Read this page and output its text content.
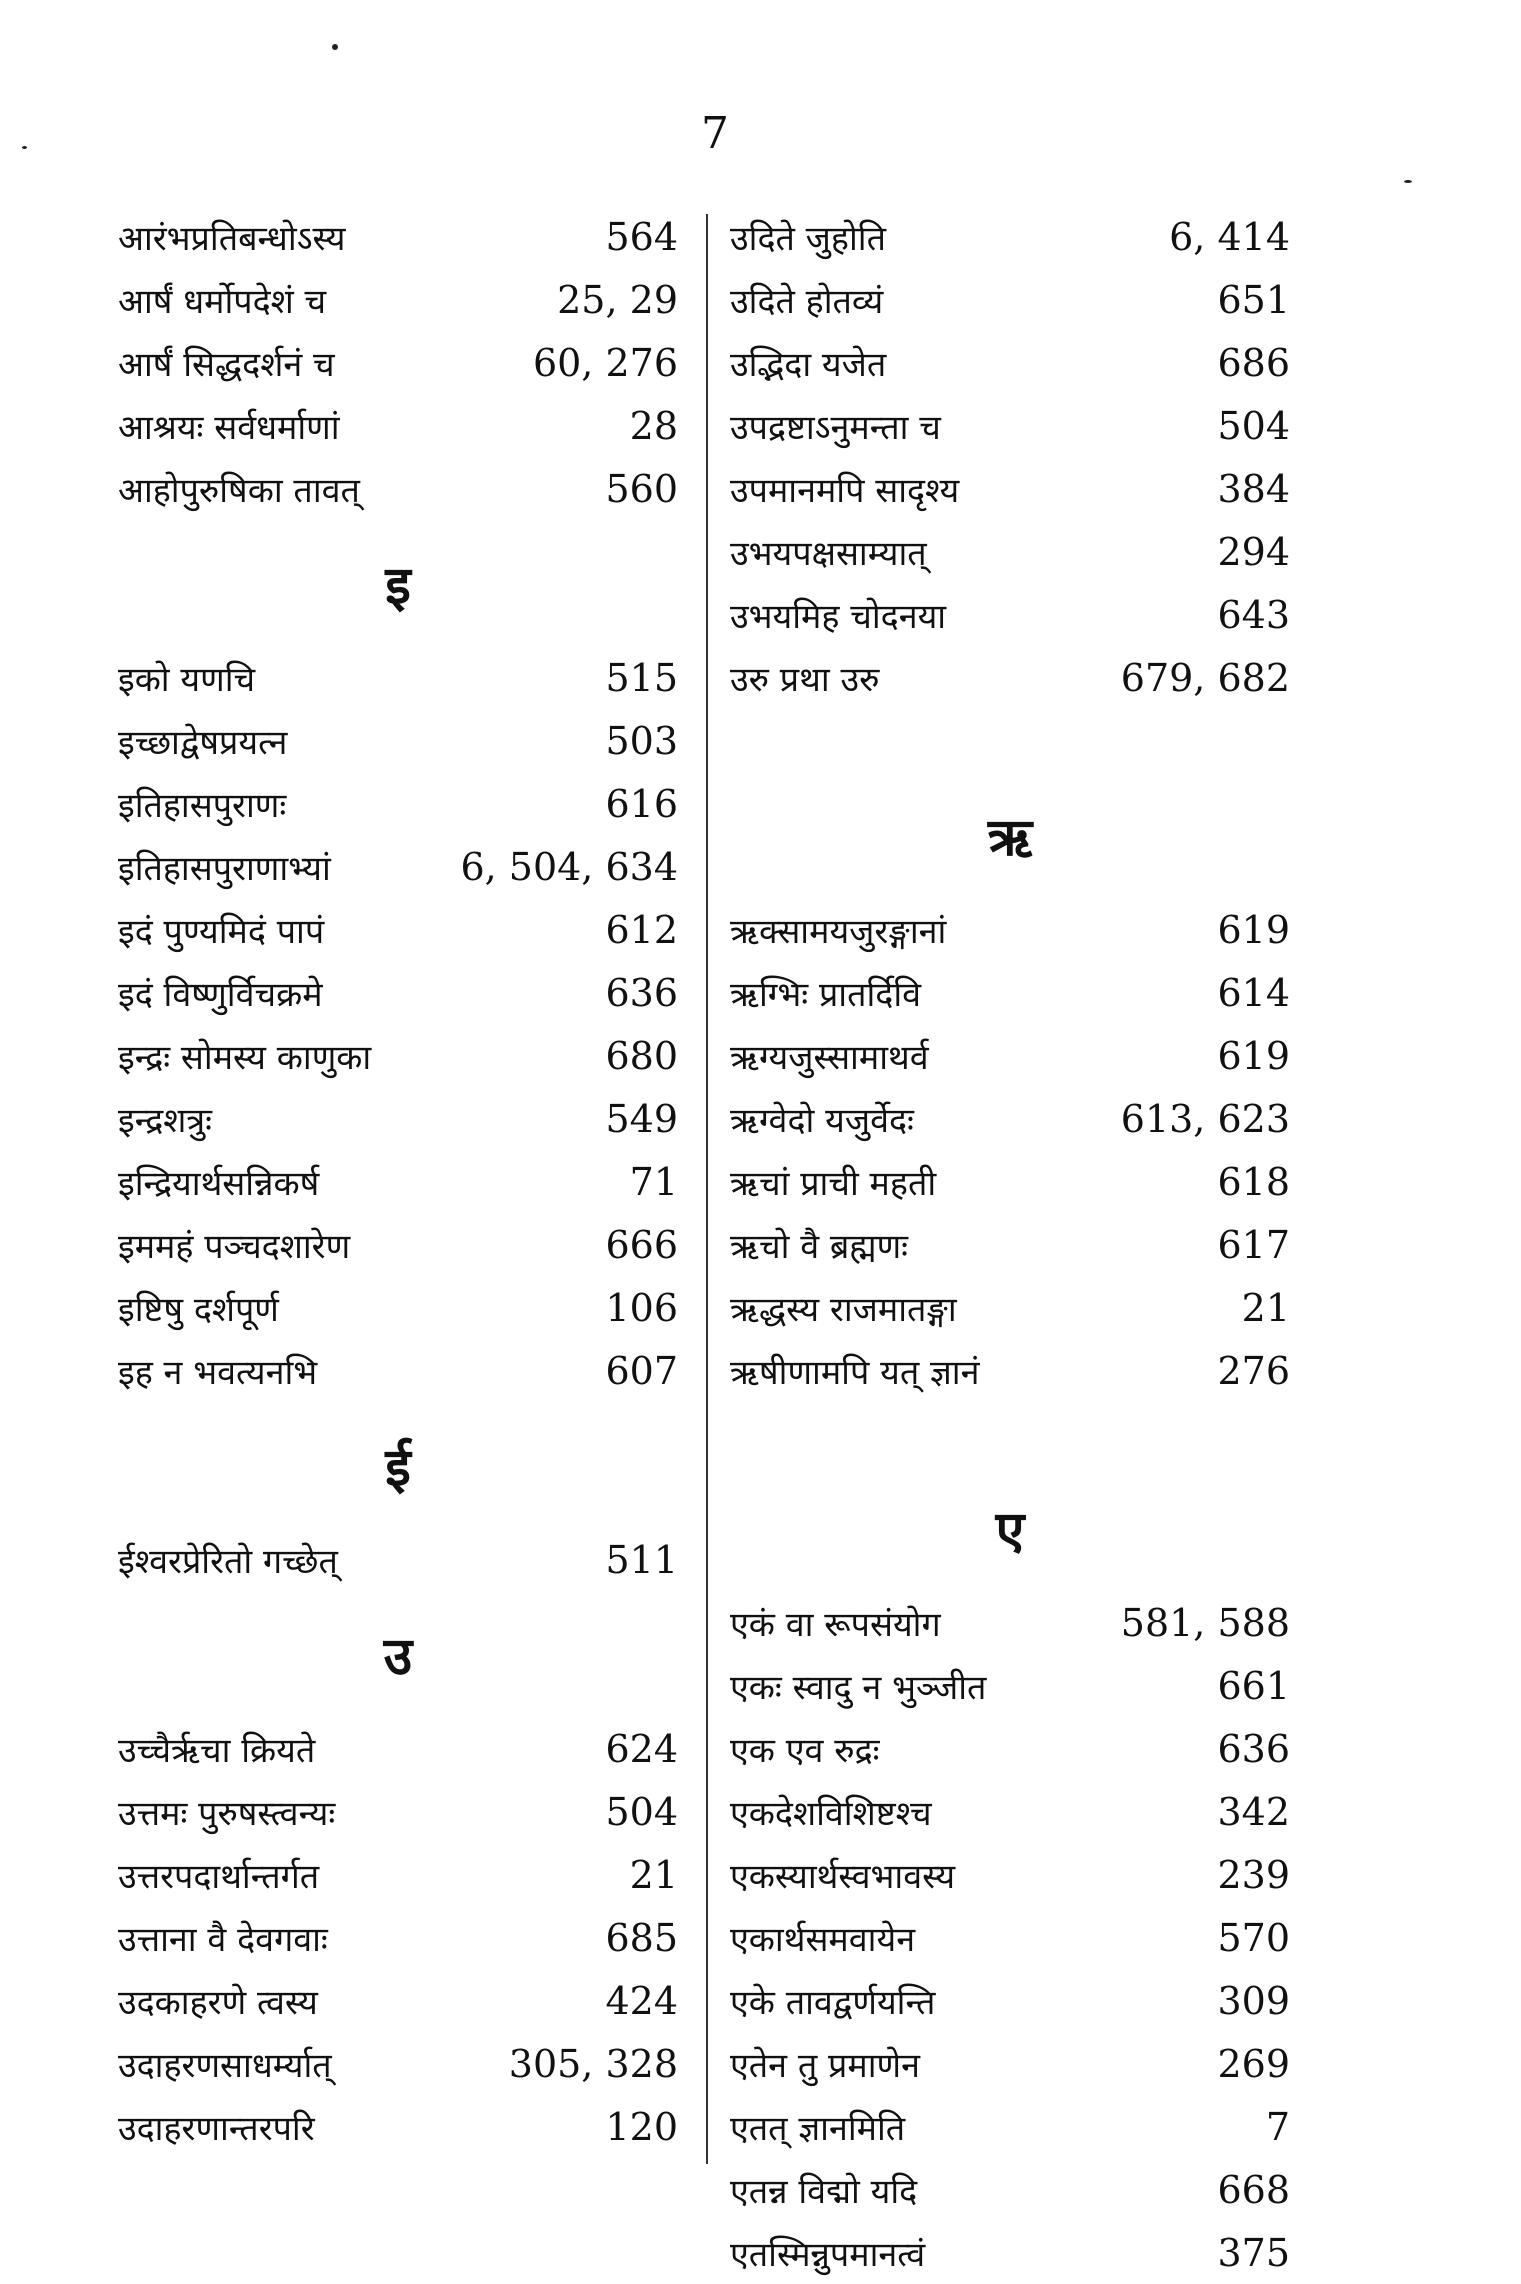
7
आरंभप्रतिबन्धोऽस्य	564
आर्षं धर्मोपदेशं च	25, 29
आर्षं सिद्धदर्शनं च	60, 276
आश्रयः सर्वधर्माणां	28
आहोपुरुषिका तावत्	560
इ
इको यणचि	515
इच्छाद्वेषप्रयत्न	503
इतिहासपुराणः	616
इतिहासपुराणाभ्यां	6, 504, 634
इदं पुण्यमिदं पापं	612
इदं विष्णुर्विचक्रमे	636
इन्द्रः सोमस्य काणुका	680
इन्द्रशत्रुः	549
इन्द्रियार्थसन्निकर्ष	71
इममहं पञ्चदशारेण	666
इष्टिषु दर्शपूर्ण	106
इह न भवत्यनभि	607
ई
ईश्वरप्रेरितो गच्छेत्	511
उ
उच्चैर्ऋचा क्रियते	624
उत्तमः पुरुषस्त्वन्यः	504
उत्तरपदार्थान्तर्गत	21
उत्ताना वै देवगवाः	685
उदकाहरणे त्वस्य	424
उदाहरणसाधर्म्यात्	305, 328
उदाहरणान्तरपरि	120
उदिते जुहोति	6, 414
उदिते होतव्यं	651
उद्भिदा यजेत	686
उपद्रष्टाऽनुमन्ता च	504
उपमानमपि सादृश्य	384
उभयपक्षसाम्यात्	294
उभयमिह चोदनया	643
उरु प्रथा उरु	679, 682
ऋ
ऋक्सामयजुरङ्गानां	619
ऋग्भिः प्रातर्दिवि	614
ऋग्यजुस्सामाथर्व	619
ऋग्वेदो यजुर्वेदः	613, 623
ऋचां प्राची महती	618
ऋचो वै ब्रह्मणः	617
ऋद्धस्य राजमातङ्गा	21
ऋषीणामपि यत् ज्ञानं	276
ए
एकं वा रूपसंयोग	581, 588
एकः स्वादु न भुञ्जीत	661
एक एव रुद्रः	636
एकदेशविशिष्टश्च	342
एकस्यार्थस्वभावस्य	239
एकार्थसमवायेन	570
एके तावद्वर्णयन्ति	309
एतेन तु प्रमाणेन	269
एतत् ज्ञानमिति	7
एतन्न विद्मो यदि	668
एतस्मिन्नुपमानत्वं	375
